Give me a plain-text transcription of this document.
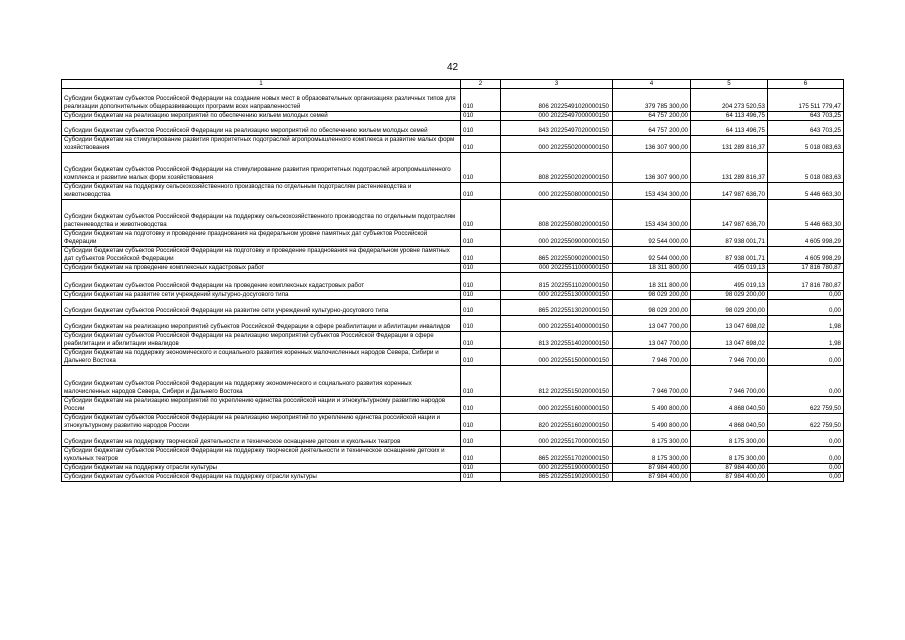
42
1	2	3	4	5	6
Субсидии бюджетам субъектов Российской Федерации на создание новых мест в образовательных организациях различных типов для реализации дополнительных общеразвивающих программ всех направленностей	010	806 20225491020000150	379 785 300,00	204 273 520,53	175 511 779,47
Субсидии бюджетам на реализацию мероприятий по обеспечению жильем молодых семей	010	000 20225497000000150	64 757 200,00	64 113 496,75	643 703,25
Субсидии бюджетам субъектов Российской Федерации на реализацию мероприятий по обеспечению жильем молодых семей	010	843 20225497020000150	64 757 200,00	64 113 496,75	643 703,25
Субсидии бюджетам на стимулирование развития приоритетных подотраслей агропромышленного комплекса и развитие малых форм хозяйствования	010	000 20225502000000150	136 307 900,00	131 289 816,37	5 018 083,63
Субсидии бюджетам субъектов Российской Федерации на стимулирование развития приоритетных подотраслей агропромышленного комплекса и развитие малых форм хозяйствования	010	808 20225502020000150	136 307 900,00	131 289 816,37	5 018 083,63
Субсидии бюджетам на поддержку сельскохозяйственного производства по отдельным подотраслям растениеводства и животноводства	010	000 20225508000000150	153 434 300,00	147 987 636,70	5 446 663,30
Субсидии бюджетам субъектов Российской Федерации на поддержку сельскохозяйственного производства по отдельным подотраслям растениеводства и животноводства	010	808 20225508020000150	153 434 300,00	147 987 636,70	5 446 663,30
Субсидии бюджетам на подготовку и проведение празднования на федеральном уровне памятных дат субъектов Российской Федерации	010	000 20225509000000150	92 544 000,00	87 938 001,71	4 605 998,29
Субсидии бюджетам субъектов Российской Федерации на подготовку и проведение празднования на федеральном уровне памятных дат субъектов Российской Федерации	010	865 20225509020000150	92 544 000,00	87 938 001,71	4 605 998,29
Субсидии бюджетам на проведение комплексных кадастровых работ	010	000 20225511000000150	18 311 800,00	495 019,13	17 816 780,87
Субсидии бюджетам субъектов Российской Федерации на проведение комплексных кадастровых работ	010	815 20225511020000150	18 311 800,00	495 019,13	17 816 780,87
Субсидии бюджетам на развитие сети учреждений культурно-досугового типа	010	000 20225513000000150	98 029 200,00	98 029 200,00	0,00
Субсидии бюджетам субъектов Российской Федерации на развитие сети учреждений культурно-досугового типа	010	865 20225513020000150	98 029 200,00	98 029 200,00	0,00
Субсидии бюджетам на реализацию мероприятий субъектов Российской Федерации в сфере реабилитации и абилитации инвалидов	010	000 20225514000000150	13 047 700,00	13 047 698,02	1,98
Субсидии бюджетам субъектов Российской Федерации на реализацию мероприятий субъектов Российской Федерации в сфере реабилитации и абилитации инвалидов	010	813 20225514020000150	13 047 700,00	13 047 698,02	1,98
Субсидии бюджетам на поддержку экономического и социального развития коренных малочисленных народов Севера, Сибири и Дальнего Востока	010	000 20225515000000150	7 946 700,00	7 946 700,00	0,00
Субсидии бюджетам субъектов Российской Федерации на поддержку экономического и социального развития коренных малочисленных народов Севера, Сибири и Дальнего Востока	010	812 20225515020000150	7 946 700,00	7 946 700,00	0,00
Субсидии бюджетам на реализацию мероприятий по укреплению единства российской нации и этнокультурному развитию народов России	010	000 20225516000000150	5 490 800,00	4 868 040,50	622 759,50
Субсидии бюджетам субъектов Российской Федерации на реализацию мероприятий по укреплению единства российской нации и этнокультурному развитию народов России	010	820 20225516020000150	5 490 800,00	4 868 040,50	622 759,50
Субсидии бюджетам на поддержку творческой деятельности и техническое оснащение детских и кукольных театров	010	000 20225517000000150	8 175 300,00	8 175 300,00	0,00
Субсидии бюджетам субъектов Российской Федерации на поддержку творческой деятельности и техническое оснащение детских и кукольных театров	010	865 20225517020000150	8 175 300,00	8 175 300,00	0,00
Субсидии бюджетам на поддержку отрасли культуры	010	000 20225519000000150	87 984 400,00	87 984 400,00	0,00
Субсидии бюджетам субъектов Российской Федерации на поддержку отрасли культуры	010	865 20225519020000150	87 984 400,00	87 984 400,00	0,00
